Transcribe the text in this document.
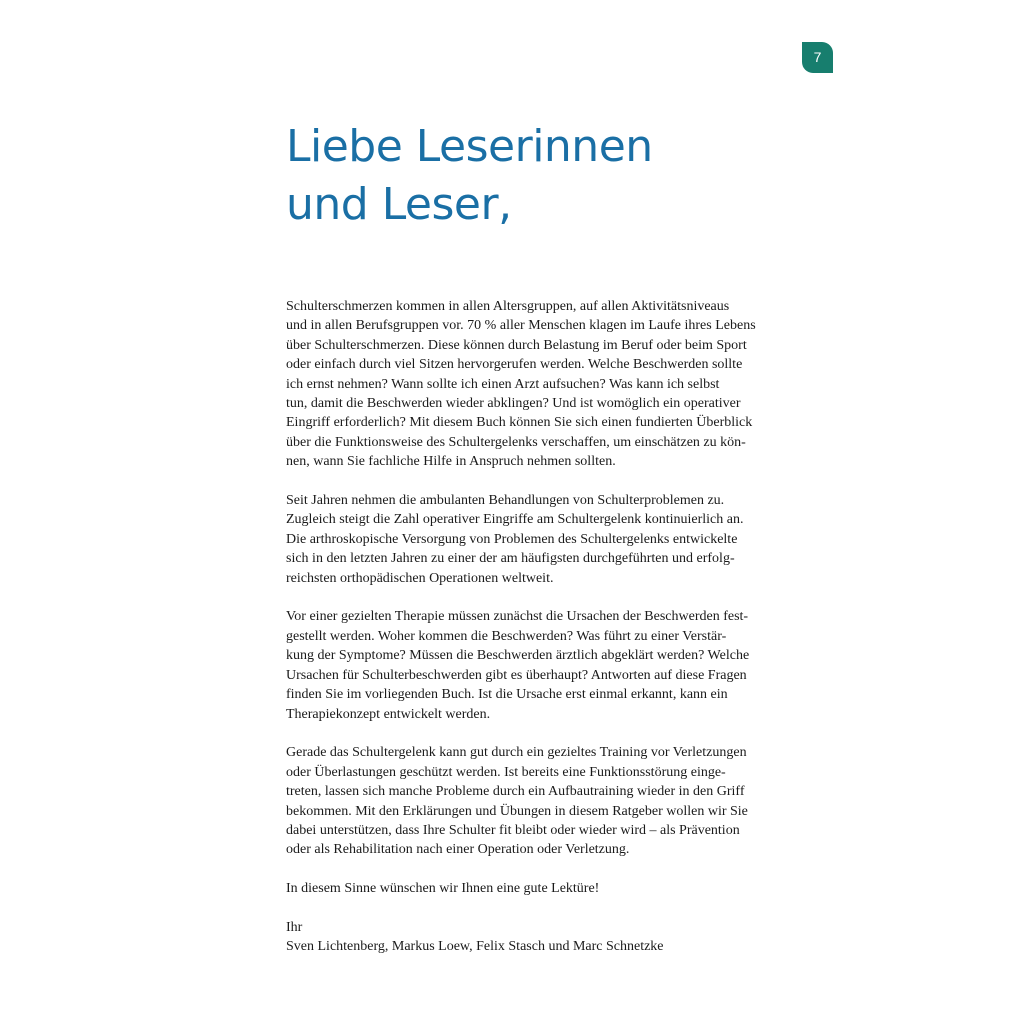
7
Liebe Leserinnen
und Leser,

Schulterschmerzen kommen in allen Altersgruppen, auf allen Aktivitätsniveaus
und in allen Berufsgruppen vor. 70 % aller Menschen klagen im Laufe ihres Lebens
über Schulterschmerzen. Diese können durch Belastung im Beruf oder beim Sport
oder einfach durch viel Sitzen hervorgerufen werden. Welche Beschwerden sollte
ich ernst nehmen? Wann sollte ich einen Arzt aufsuchen? Was kann ich selbst
tun, damit die Beschwerden wieder abklingen? Und ist womöglich ein operativer
Eingriff erforderlich? Mit diesem Buch können Sie sich einen fundierten Überblick
über die Funktionsweise des Schultergelenks verschaffen, um einschätzen zu kön-
nen, wann Sie fachliche Hilfe in Anspruch nehmen sollten.

Seit Jahren nehmen die ambulanten Behandlungen von Schulterproblemen zu.
Zugleich steigt die Zahl operativer Eingriffe am Schultergelenk kontinuierlich an.
Die arthroskopische Versorgung von Problemen des Schultergelenks entwickelte
sich in den letzten Jahren zu einer der am häufigsten durchgeführten und erfolg-
reichsten orthopädischen Operationen weltweit.

Vor einer gezielten Therapie müssen zunächst die Ursachen der Beschwerden fest-
gestellt werden. Woher kommen die Beschwerden? Was führt zu einer Verstär-
kung der Symptome? Müssen die Beschwerden ärztlich abgeklärt werden? Welche
Ursachen für Schulterbeschwerden gibt es überhaupt? Antworten auf diese Fragen
finden Sie im vorliegenden Buch. Ist die Ursache erst einmal erkannt, kann ein
Therapiekonzept entwickelt werden.

Gerade das Schultergelenk kann gut durch ein gezieltes Training vor Verletzungen
oder Überlastungen geschützt werden. Ist bereits eine Funktionsstörung einge-
treten, lassen sich manche Probleme durch ein Aufbautraining wieder in den Griff
bekommen. Mit den Erklärungen und Übungen in diesem Ratgeber wollen wir Sie
dabei unterstützen, dass Ihre Schulter fit bleibt oder wieder wird – als Prävention
oder als Rehabilitation nach einer Operation oder Verletzung.

In diesem Sinne wünschen wir Ihnen eine gute Lektüre!

Ihr
Sven Lichtenberg, Markus Loew, Felix Stasch und Marc Schnetzke
